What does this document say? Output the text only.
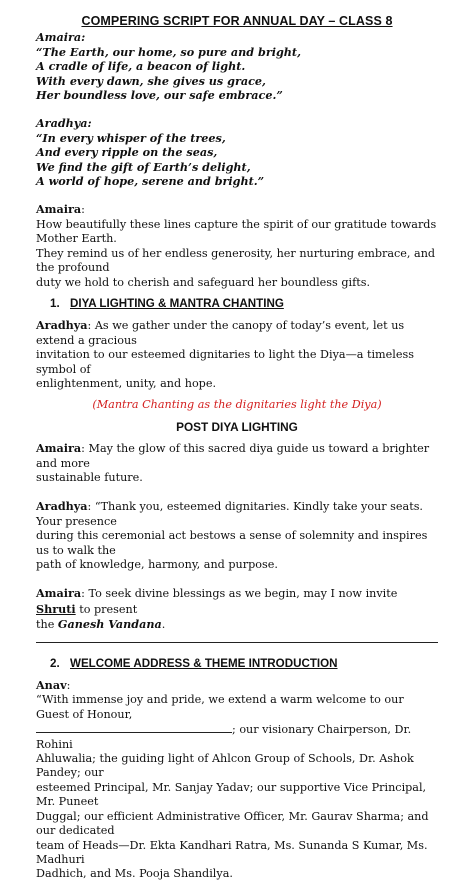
COMPERING SCRIPT FOR ANNUAL DAY – CLASS 8

Amaira:

“The Earth, our home, so pure and bright,

A cradle of life, a beacon of light.

With every dawn, she gives us grace,

Her boundless love, our safe embrace.”

Aradhya:

“In every whisper of the trees,

And every ripple on the seas,

We find the gift of Earth’s delight,

A world of hope, serene and bright.”

Amaira:

How beautifully these lines capture the spirit of our gratitude towards Mother Earth.

They remind us of her endless generosity, her nurturing embrace, and the profound

duty we hold to cherish and safeguard her boundless gifts.

1. DIYA LIGHTING & MANTRA CHANTING

Aradhya: As we gather under the canopy of today’s event, let us extend a gracious

invitation to our esteemed dignitaries to light the Diya—a timeless symbol of

enlightenment, unity, and hope.

(Mantra Chanting as the dignitaries light the Diya)

POST DIYA LIGHTING

Amaira: May the glow of this sacred diya guide us toward a brighter and more

sustainable future.

Aradhya: “Thank you, esteemed dignitaries. Kindly take your seats. Your presence

during this ceremonial act bestows a sense of solemnity and inspires us to walk the

path of knowledge, harmony, and purpose.

Amaira: To seek divine blessings as we begin, may I now invite Shruti to present

the Ganesh Vandana.

2. WELCOME ADDRESS & THEME INTRODUCTION

Anav:

“With immense joy and pride, we extend a warm welcome to our Guest of Honour,

; our visionary Chairperson, Dr. Rohini

Ahluwalia; the guiding light of Ahlcon Group of Schools, Dr. Ashok Pandey; our

esteemed Principal, Mr. Sanjay Yadav; our supportive Vice Principal, Mr. Puneet

Duggal; our efficient Administrative Officer, Mr. Gaurav Sharma; and our dedicated

team of Heads—Dr. Ekta Kandhari Ratra, Ms. Sunanda S Kumar, Ms. Madhuri

Dadhich, and Ms. Pooja Shandilya.
